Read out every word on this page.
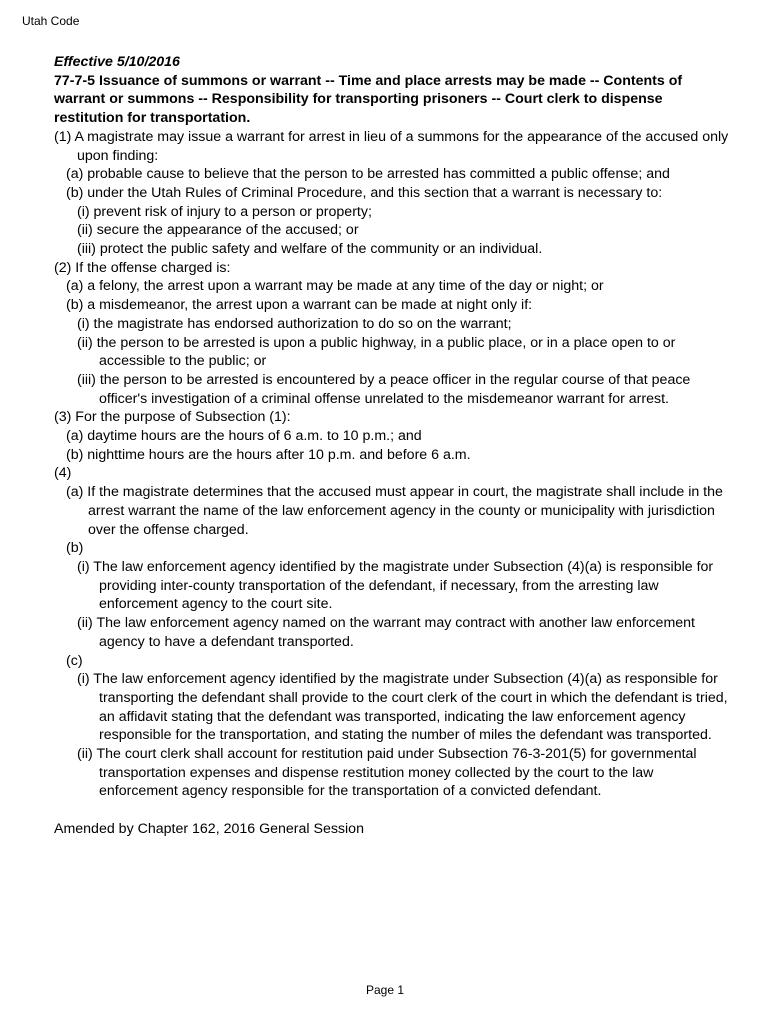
Utah Code
Effective 5/10/2016
77-7-5 Issuance of summons or warrant -- Time and place arrests may be made -- Contents of warrant or summons -- Responsibility for transporting prisoners -- Court clerk to dispense restitution for transportation.

(1) A magistrate may issue a warrant for arrest in lieu of a summons for the appearance of the accused only upon finding:

(a) probable cause to believe that the person to be arrested has committed a public offense; and

(b) under the Utah Rules of Criminal Procedure, and this section that a warrant is necessary to:

(i) prevent risk of injury to a person or property;

(ii) secure the appearance of the accused; or

(iii) protect the public safety and welfare of the community or an individual.

(2) If the offense charged is:

(a) a felony, the arrest upon a warrant may be made at any time of the day or night; or

(b) a misdemeanor, the arrest upon a warrant can be made at night only if:

(i) the magistrate has endorsed authorization to do so on the warrant;

(ii) the person to be arrested is upon a public highway, in a public place, or in a place open to or accessible to the public; or

(iii) the person to be arrested is encountered by a peace officer in the regular course of that peace officer's investigation of a criminal offense unrelated to the misdemeanor warrant for arrest.

(3) For the purpose of Subsection (1):

(a) daytime hours are the hours of 6 a.m. to 10 p.m.; and

(b) nighttime hours are the hours after 10 p.m. and before 6 a.m.

(4)

(a) If the magistrate determines that the accused must appear in court, the magistrate shall include in the arrest warrant the name of the law enforcement agency in the county or municipality with jurisdiction over the offense charged.

(b)

(i) The law enforcement agency identified by the magistrate under Subsection (4)(a) is responsible for providing inter-county transportation of the defendant, if necessary, from the arresting law enforcement agency to the court site.

(ii) The law enforcement agency named on the warrant may contract with another law enforcement agency to have a defendant transported.

(c)

(i) The law enforcement agency identified by the magistrate under Subsection (4)(a) as responsible for transporting the defendant shall provide to the court clerk of the court in which the defendant is tried, an affidavit stating that the defendant was transported, indicating the law enforcement agency responsible for the transportation, and stating the number of miles the defendant was transported.

(ii) The court clerk shall account for restitution paid under Subsection 76-3-201(5) for governmental transportation expenses and dispense restitution money collected by the court to the law enforcement agency responsible for the transportation of a convicted defendant.

Amended by Chapter 162, 2016 General Session
Page 1
